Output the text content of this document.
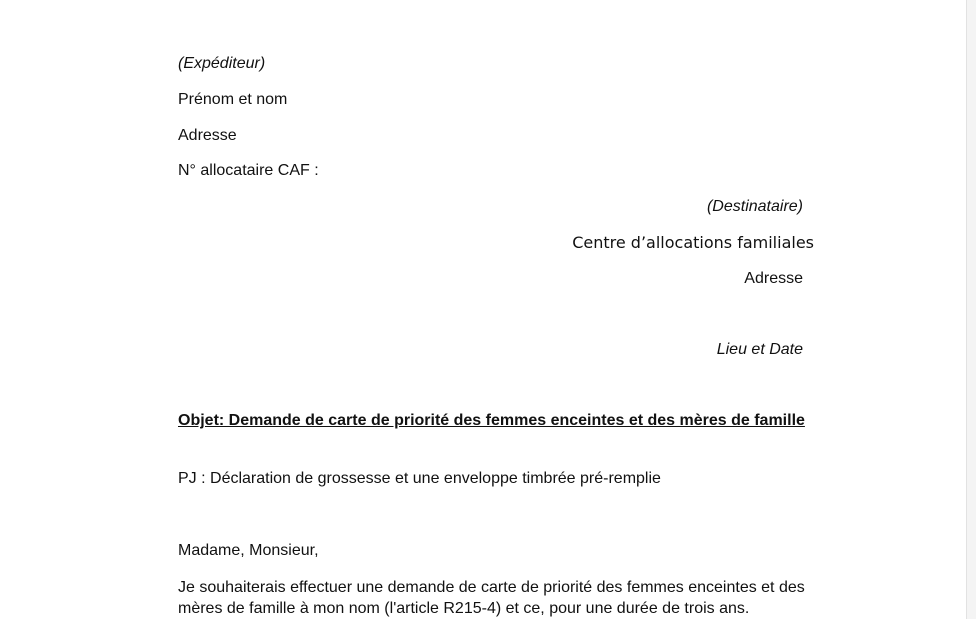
(Expéditeur)
Prénom et nom
Adresse
N° allocataire CAF :
(Destinataire)
Centre d’allocations familiales
Adresse
Lieu et Date
Objet: Demande de carte de priorité des femmes enceintes et des mères de famille
PJ : Déclaration de grossesse et une enveloppe timbrée pré-remplie
Madame, Monsieur,
Je souhaiterais effectuer une demande de carte de priorité des femmes enceintes et des mères de famille à mon nom (l'article R215-4) et ce, pour une durée de trois ans.
